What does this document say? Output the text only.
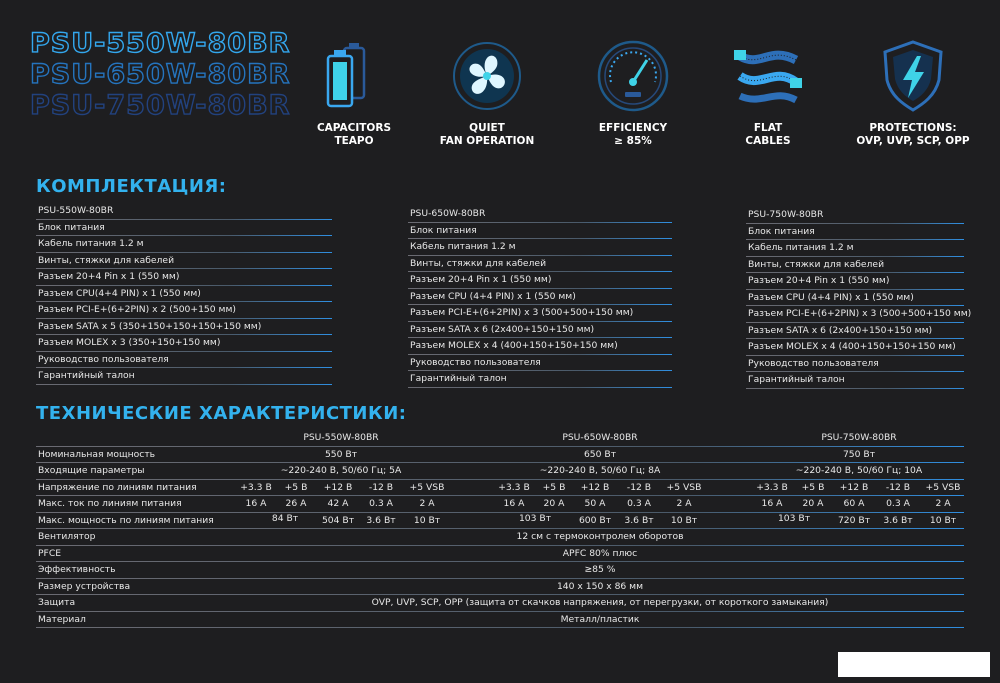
PSU-550W-80BR
PSU-650W-80BR
PSU-750W-80BR
CAPACITORS
TEAPO
QUIET
FAN OPERATION
EFFICIENCY
≥ 85%
FLAT
CABLES
PROTECTIONS:
OVP, UVP, SCP, OPP
КОМПЛЕКТАЦИЯ:
PSU-550W-80BR
Блок питания
Кабель питания 1.2 м
Винты, стяжки для кабелей
Разъем 20+4 Pin x 1 (550 мм)
Разъем CPU(4+4 PIN) x 1 (550 мм)
Разъем PCI-E+(6+2PIN) x 2 (500+150 мм)
Разъем SATA x 5 (350+150+150+150+150 мм)
Разъем MOLEX x 3 (350+150+150 мм)
Руководство пользователя
Гарантийный талон
PSU-650W-80BR
Блок питания
Кабель питания 1.2 м
Винты, стяжки для кабелей
Разъем 20+4 Pin x 1 (550 мм)
Разъем CPU (4+4 PIN) x 1 (550 мм)
Разъем PCI-E+(6+2PIN) x 3 (500+500+150 мм)
Разъем SATA x 6 (2x400+150+150 мм)
Разъем MOLEX x 4 (400+150+150+150 мм)
Руководство пользователя
Гарантийный талон
PSU-750W-80BR
Блок питания
Кабель питания 1.2 м
Винты, стяжки для кабелей
Разъем 20+4 Pin x 1 (550 мм)
Разъем CPU (4+4 PIN) x 1 (550 мм)
Разъем PCI-E+(6+2PIN) x 3 (500+500+150 мм)
Разъем SATA x 6 (2x400+150+150 мм)
Разъем MOLEX x 4 (400+150+150+150 мм)
Руководство пользователя
Гарантийный талон
ТЕХНИЧЕСКИЕ ХАРАКТЕРИСТИКИ:
PSU-550W-80BR	PSU-650W-80BR	PSU-750W-80BR
Номинальная мощность	550 Вт	650 Вт	750 Вт
Входящие параметры	~220-240 В, 50/60 Гц; 5А	~220-240 В, 50/60 Гц; 8А	~220-240 В, 50/60 Гц; 10А
Напряжение по линиям питания	+3.3 В	+5 В	+12 В	-12 В	+5 VSB	+3.3 В	+5 В	+12 В	-12 В	+5 VSB	+3.3 В	+5 В	+12 В	-12 В	+5 VSB
Макс. ток по линиям питания	16 А	26 А	42 А	0.3 А	2 А	16 А	20 А	50 А	0.3 А	2 А	16 А	20 А	60 А	0.3 А	2 А
Макс. мощность по линиям питания	84 Вт	504 Вт	3.6 Вт	10 Вт	103 Вт	600 Вт	3.6 Вт	10 Вт	103 Вт	720 Вт	3.6 Вт	10 Вт
Вентилятор	12 см с термоконтролем оборотов
PFCE	APFC 80% плюс
Эффективность	≥85 %
Размер устройства	140 x 150 x 86 мм
Защита	OVP, UVP, SCP, OPP (защита от скачков напряжения, от перегрузки, от короткого замыкания)
Материал	Металл/пластик
